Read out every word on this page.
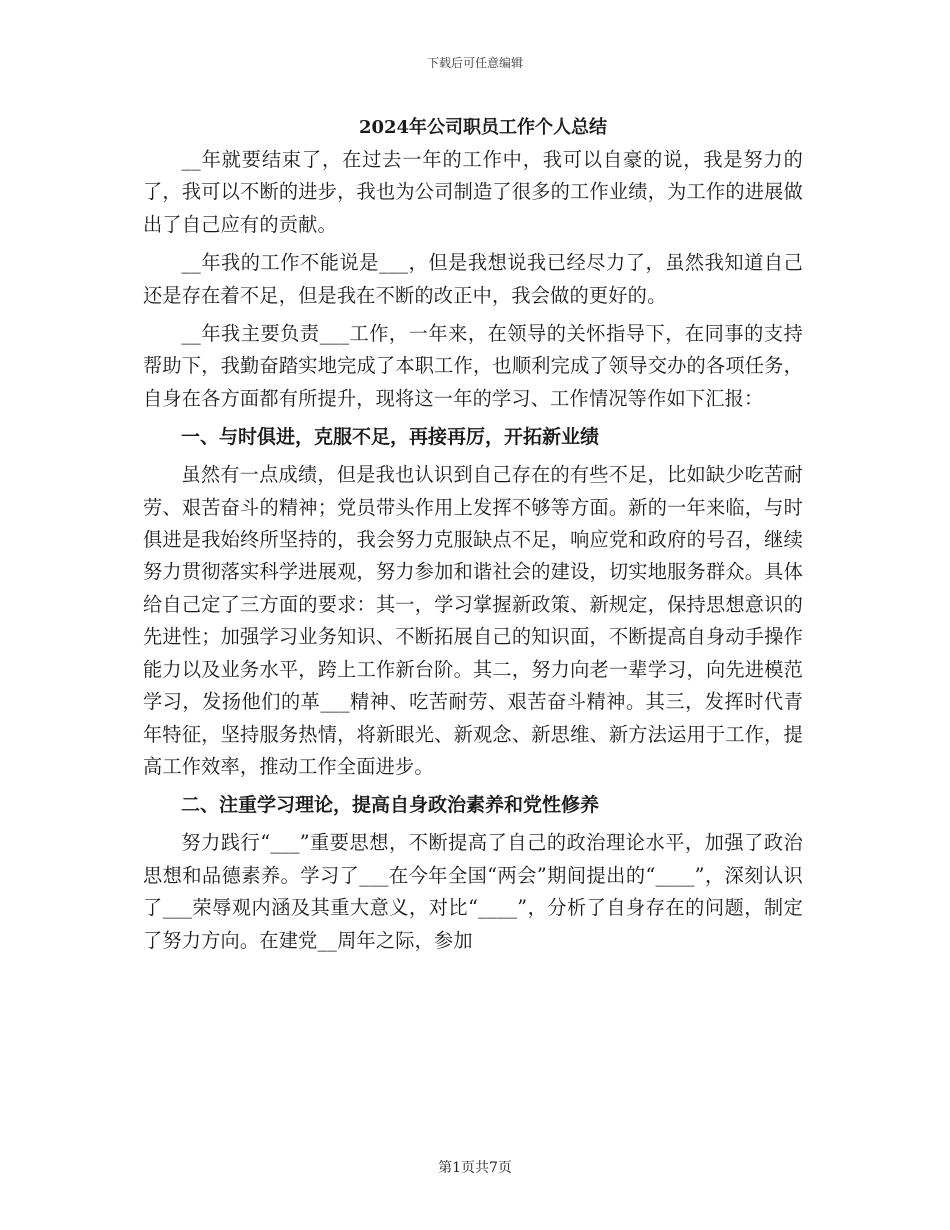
下载后可任意编辑
2024年公司职员工作个人总结

__年就要结束了，在过去一年的工作中，我可以自豪的说，我是努力的了，我可以不断的进步，我也为公司制造了很多的工作业绩，为工作的进展做出了自己应有的贡献。

__年我的工作不能说是___，但是我想说我已经尽力了，虽然我知道自己还是存在着不足，但是我在不断的改正中，我会做的更好的。

__年我主要负责___工作，一年来，在领导的关怀指导下，在同事的支持帮助下，我勤奋踏实地完成了本职工作，也顺利完成了领导交办的各项任务，自身在各方面都有所提升，现将这一年的学习、工作情况等作如下汇报：

一、与时俱进，克服不足，再接再厉，开拓新业绩

虽然有一点成绩，但是我也认识到自己存在的有些不足，比如缺少吃苦耐劳、艰苦奋斗的精神；党员带头作用上发挥不够等方面。新的一年来临，与时俱进是我始终所坚持的，我会努力克服缺点不足，响应党和政府的号召，继续努力贯彻落实科学进展观，努力参加和谐社会的建设，切实地服务群众。具体给自己定了三方面的要求：其一，学习掌握新政策、新规定，保持思想意识的先进性；加强学习业务知识、不断拓展自己的知识面，不断提高自身动手操作能力以及业务水平，跨上工作新台阶。其二，努力向老一辈学习，向先进模范学习，发扬他们的革___精神、吃苦耐劳、艰苦奋斗精神。其三，发挥时代青年特征，坚持服务热情，将新眼光、新观念、新思维、新方法运用于工作，提高工作效率，推动工作全面进步。

二、注重学习理论，提高自身政治素养和党性修养

努力践行“___”重要思想，不断提高了自己的政治理论水平，加强了政治思想和品德素养。学习了___在今年全国“两会”期间提出的“____”，深刻认识了___荣辱观内涵及其重大意义，对比“____”，分析了自身存在的问题，制定了努力方向。在建党__周年之际，参加

第1页共7页
